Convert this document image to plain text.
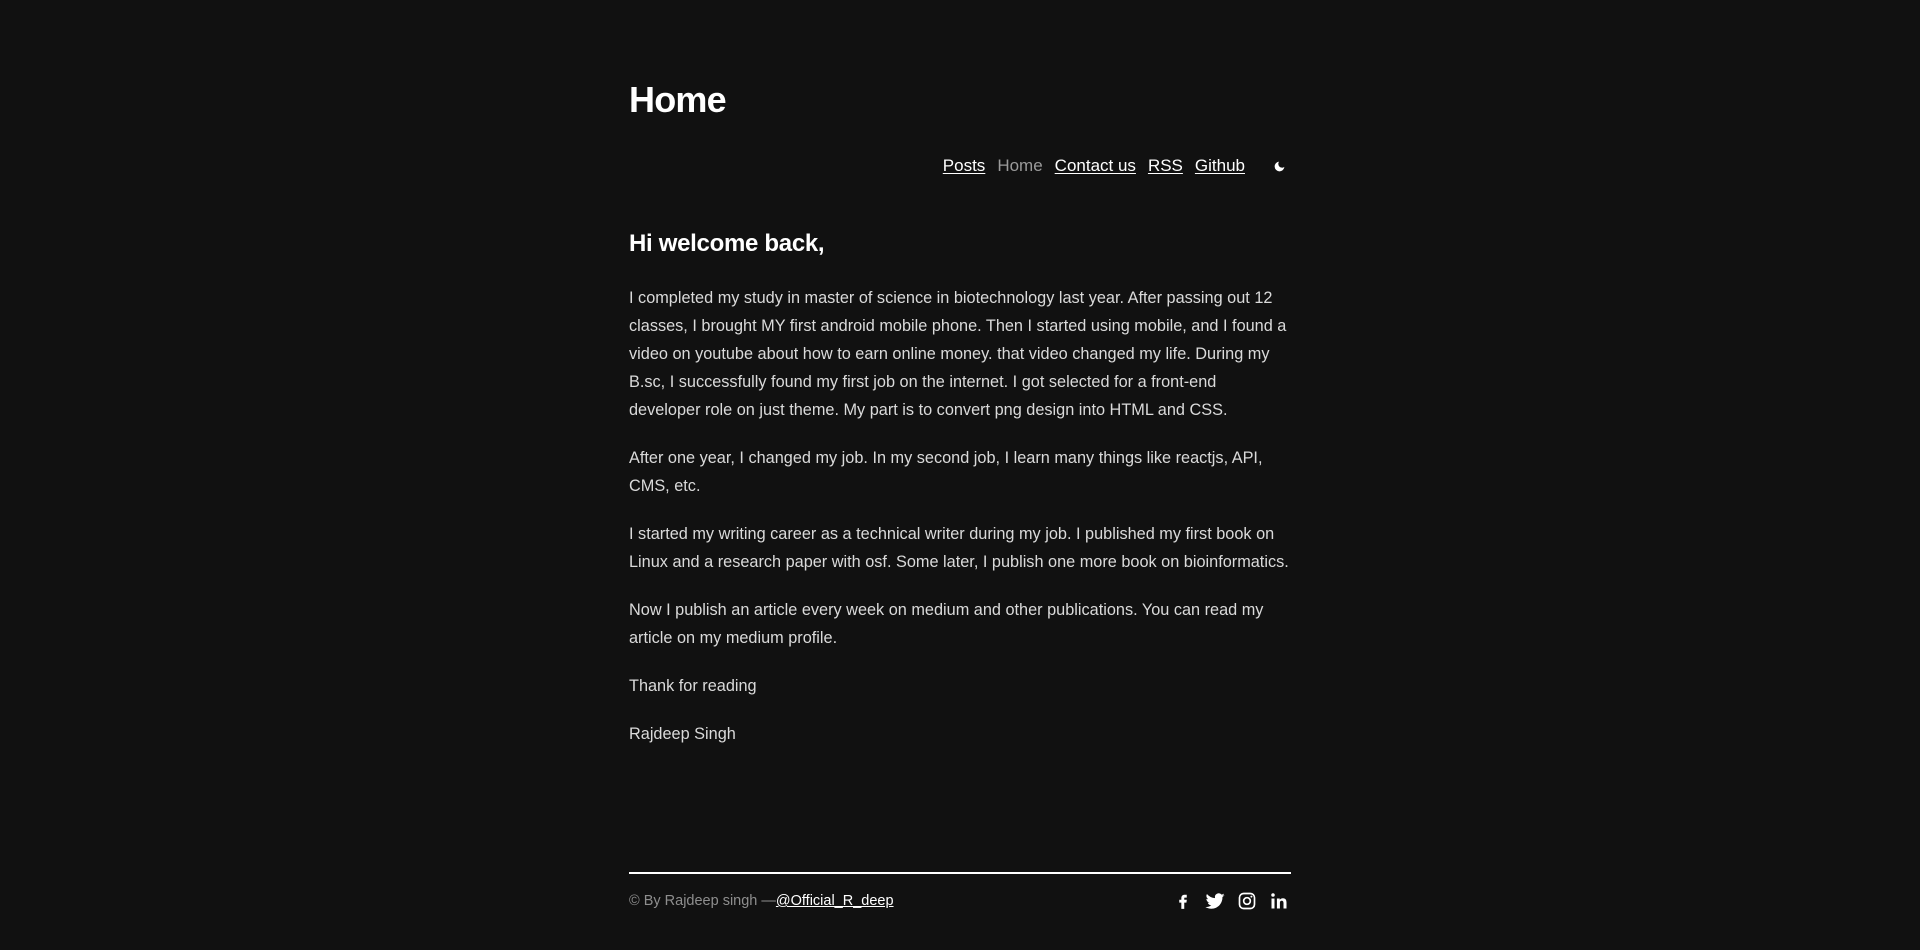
Home
Posts Home Contact us RSS Github
Hi welcome back,

I completed my study in master of science in biotechnology last year. After passing out 12 classes, I brought MY first android mobile phone. Then I started using mobile, and I found a video on youtube about how to earn online money. that video changed my life. During my B.sc, I successfully found my first job on the internet. I got selected for a front-end developer role on just theme. My part is to convert png design into HTML and CSS.

After one year, I changed my job. In my second job, I learn many things like reactjs, API, CMS, etc.

I started my writing career as a technical writer during my job. I published my first book on Linux and a research paper with osf. Some later, I publish one more book on bioinformatics.

Now I publish an article every week on medium and other publications. You can read my article on my medium profile.

Thank for reading

Rajdeep Singh

© By Rajdeep singh —@Official_R_deep
